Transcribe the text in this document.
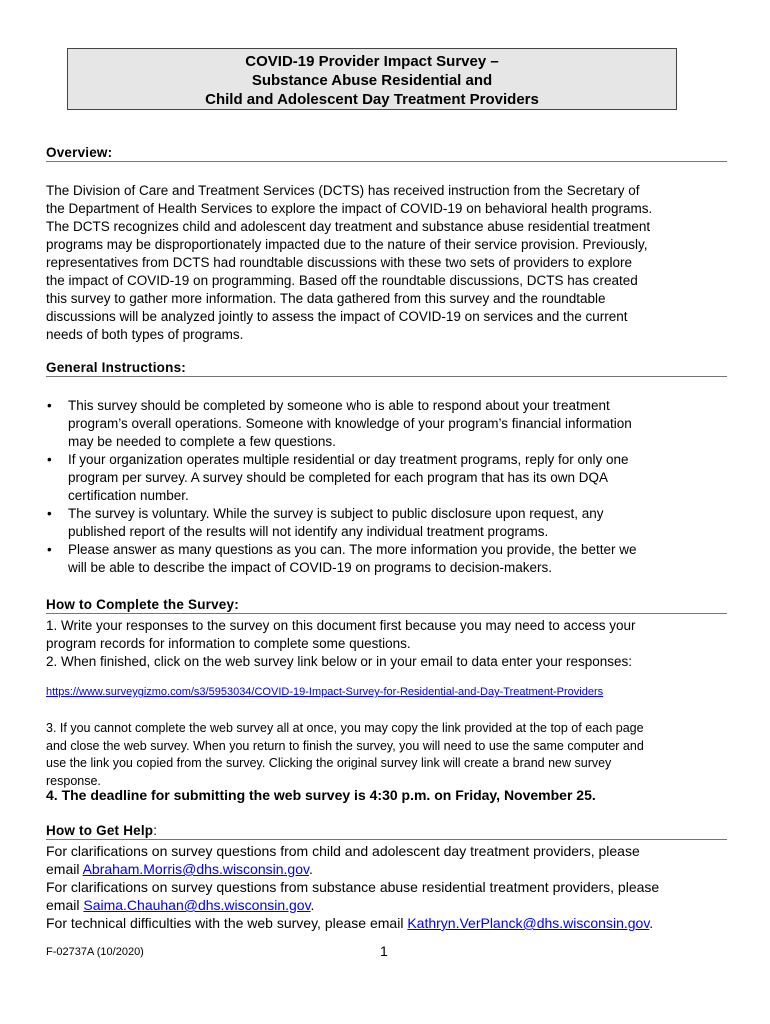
COVID-19 Provider Impact Survey –
Substance Abuse Residential and
Child and Adolescent Day Treatment Providers
Overview:
The Division of Care and Treatment Services (DCTS) has received instruction from the Secretary of
the Department of Health Services to explore the impact of COVID-19 on behavioral health programs.
The DCTS recognizes child and adolescent day treatment and substance abuse residential treatment
programs may be disproportionately impacted due to the nature of their service provision. Previously,
representatives from DCTS had roundtable discussions with these two sets of providers to explore
the impact of COVID-19 on programming. Based off the roundtable discussions, DCTS has created
this survey to gather more information. The data gathered from this survey and the roundtable
discussions will be analyzed jointly to assess the impact of COVID-19 on services and the current
needs of both types of programs.
General Instructions:
• This survey should be completed by someone who is able to respond about your treatment
program’s overall operations. Someone with knowledge of your program’s financial information
may be needed to complete a few questions.
• If your organization operates multiple residential or day treatment programs, reply for only one
program per survey. A survey should be completed for each program that has its own DQA
certification number.
• The survey is voluntary. While the survey is subject to public disclosure upon request, any
published report of the results will not identify any individual treatment programs.
• Please answer as many questions as you can. The more information you provide, the better we
will be able to describe the impact of COVID-19 on programs to decision-makers.
How to Complete the Survey:
1. Write your responses to the survey on this document first because you may need to access your
program records for information to complete some questions.
2. When finished, click on the web survey link below or in your email to data enter your responses:
https://www.surveygizmo.com/s3/5953034/COVID-19-Impact-Survey-for-Residential-and-Day-Treatment-Providers
3. If you cannot complete the web survey all at once, you may copy the link provided at the top of each page
and close the web survey. When you return to finish the survey, you will need to use the same computer and
use the link you copied from the survey. Clicking the original survey link will create a brand new survey
response.
4. The deadline for submitting the web survey is 4:30 p.m. on Friday, November 25.
How to Get Help:
For clarifications on survey questions from child and adolescent day treatment providers, please
email Abraham.Morris@dhs.wisconsin.gov.
For clarifications on survey questions from substance abuse residential treatment providers, please
email Saima.Chauhan@dhs.wisconsin.gov.
For technical difficulties with the web survey, please email Kathryn.VerPlanck@dhs.wisconsin.gov.
F-02737A (10/2020)	1
